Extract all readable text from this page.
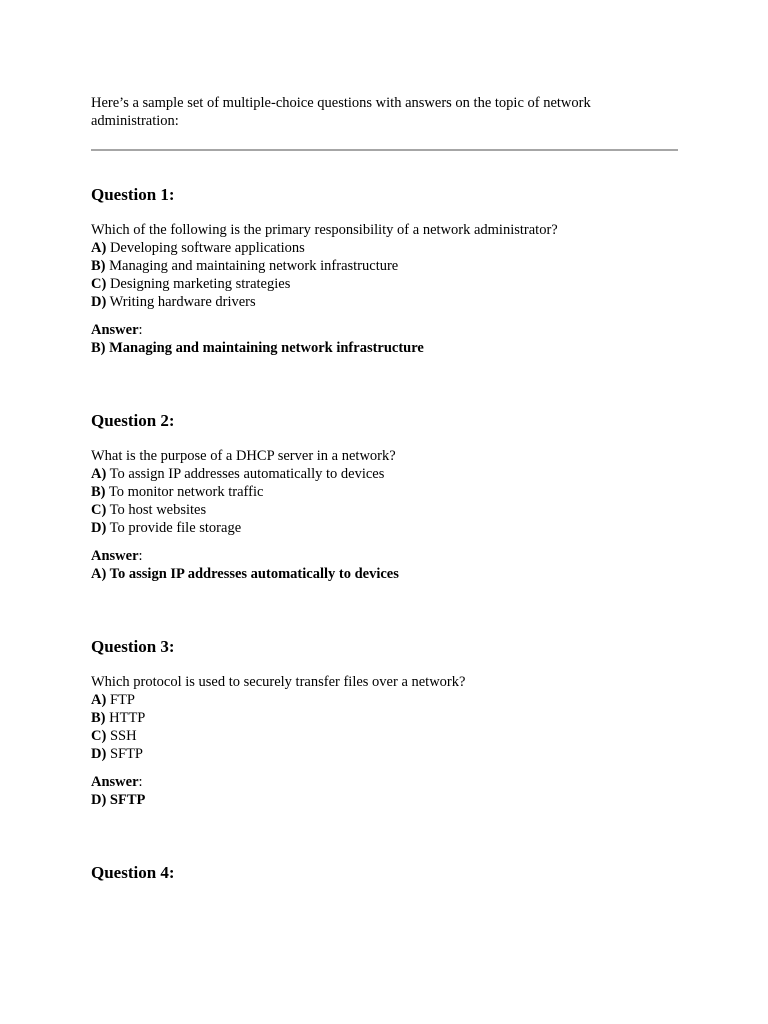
Here’s a sample set of multiple-choice questions with answers on the topic of network administration:

Question 1:
Which of the following is the primary responsibility of a network administrator?
A) Developing software applications
B) Managing and maintaining network infrastructure
C) Designing marketing strategies
D) Writing hardware drivers
Answer:
B) Managing and maintaining network infrastructure
Question 2:
What is the purpose of a DHCP server in a network?
A) To assign IP addresses automatically to devices
B) To monitor network traffic
C) To host websites
D) To provide file storage
Answer:
A) To assign IP addresses automatically to devices
Question 3:
Which protocol is used to securely transfer files over a network?
A) FTP
B) HTTP
C) SSH
D) SFTP
Answer:
D) SFTP
Question 4:
